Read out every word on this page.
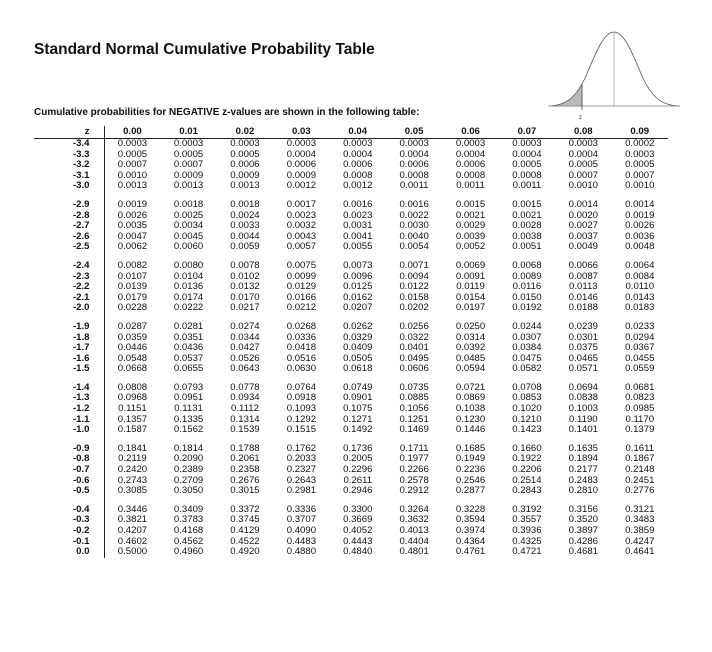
Standard Normal Cumulative Probability Table
z
Cumulative probabilities for NEGATIVE z-values are shown in the following table:
z	0.00	0.01	0.02	0.03	0.04	0.05	0.06	0.07	0.08	0.09
-3.4	0.0003	0.0003	0.0003	0.0003	0.0003	0.0003	0.0003	0.0003	0.0003	0.0002
-3.3	0.0005	0.0005	0.0005	0.0004	0.0004	0.0004	0.0004	0.0004	0.0004	0.0003
-3.2	0.0007	0.0007	0.0006	0.0006	0.0006	0.0006	0.0006	0.0005	0.0005	0.0005
-3.1	0.0010	0.0009	0.0009	0.0009	0.0008	0.0008	0.0008	0.0008	0.0007	0.0007
-3.0	0.0013	0.0013	0.0013	0.0012	0.0012	0.0011	0.0011	0.0011	0.0010	0.0010

-2.9	0.0019	0.0018	0.0018	0.0017	0.0016	0.0016	0.0015	0.0015	0.0014	0.0014
-2.8	0.0026	0.0025	0.0024	0.0023	0.0023	0.0022	0.0021	0.0021	0.0020	0.0019
-2.7	0.0035	0.0034	0.0033	0.0032	0.0031	0.0030	0.0029	0.0028	0.0027	0.0026
-2.6	0.0047	0.0045	0.0044	0.0043	0.0041	0.0040	0.0039	0.0038	0.0037	0.0036
-2.5	0.0062	0.0060	0.0059	0.0057	0.0055	0.0054	0.0052	0.0051	0.0049	0.0048

-2.4	0.0082	0.0080	0.0078	0.0075	0.0073	0.0071	0.0069	0.0068	0.0066	0.0064
-2.3	0.0107	0.0104	0.0102	0.0099	0.0096	0.0094	0.0091	0.0089	0.0087	0.0084
-2.2	0.0139	0.0136	0.0132	0.0129	0.0125	0.0122	0.0119	0.0116	0.0113	0.0110
-2.1	0.0179	0.0174	0.0170	0.0166	0.0162	0.0158	0.0154	0.0150	0.0146	0.0143
-2.0	0.0228	0.0222	0.0217	0.0212	0.0207	0.0202	0.0197	0.0192	0.0188	0.0183

-1.9	0.0287	0.0281	0.0274	0.0268	0.0262	0.0256	0.0250	0.0244	0.0239	0.0233
-1.8	0.0359	0.0351	0.0344	0.0336	0.0329	0.0322	0.0314	0.0307	0.0301	0.0294
-1.7	0.0446	0.0436	0.0427	0.0418	0.0409	0.0401	0.0392	0.0384	0.0375	0.0367
-1.6	0.0548	0.0537	0.0526	0.0516	0.0505	0.0495	0.0485	0.0475	0.0465	0.0455
-1.5	0.0668	0.0655	0.0643	0.0630	0.0618	0.0606	0.0594	0.0582	0.0571	0.0559

-1.4	0.0808	0.0793	0.0778	0.0764	0.0749	0.0735	0.0721	0.0708	0.0694	0.0681
-1.3	0.0968	0.0951	0.0934	0.0918	0.0901	0.0885	0.0869	0.0853	0.0838	0.0823
-1.2	0.1151	0.1131	0.1112	0.1093	0.1075	0.1056	0.1038	0.1020	0.1003	0.0985
-1.1	0.1357	0.1335	0.1314	0.1292	0.1271	0.1251	0.1230	0.1210	0.1190	0.1170
-1.0	0.1587	0.1562	0.1539	0.1515	0.1492	0.1469	0.1446	0.1423	0.1401	0.1379

-0.9	0.1841	0.1814	0.1788	0.1762	0.1736	0.1711	0.1685	0.1660	0.1635	0.1611
-0.8	0.2119	0.2090	0.2061	0.2033	0.2005	0.1977	0.1949	0.1922	0.1894	0.1867
-0.7	0.2420	0.2389	0.2358	0.2327	0.2296	0.2266	0.2236	0.2206	0.2177	0.2148
-0.6	0.2743	0.2709	0.2676	0.2643	0.2611	0.2578	0.2546	0.2514	0.2483	0.2451
-0.5	0.3085	0.3050	0.3015	0.2981	0.2946	0.2912	0.2877	0.2843	0.2810	0.2776

-0.4	0.3446	0.3409	0.3372	0.3336	0.3300	0.3264	0.3228	0.3192	0.3156	0.3121
-0.3	0.3821	0.3783	0.3745	0.3707	0.3669	0.3632	0.3594	0.3557	0.3520	0.3483
-0.2	0.4207	0.4168	0.4129	0.4090	0.4052	0.4013	0.3974	0.3936	0.3897	0.3859
-0.1	0.4602	0.4562	0.4522	0.4483	0.4443	0.4404	0.4364	0.4325	0.4286	0.4247
0.0	0.5000	0.4960	0.4920	0.4880	0.4840	0.4801	0.4761	0.4721	0.4681	0.4641
